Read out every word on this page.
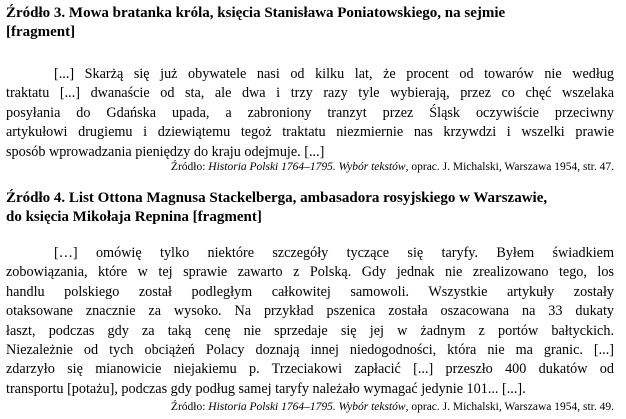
Źródło 3. Mowa bratanka króla, księcia Stanisława Poniatowskiego, na sejmie
[fragment]
[...] Skarżą się już obywatele nasi od kilku lat, że procent od towarów nie według
traktatu [...] dwanaście od sta, ale dwa i trzy razy tyle wybierają, przez co chęć wszelaka
posyłania do Gdańska upada, a zabroniony tranzyt przez Śląsk oczywiście przeciwny
artykułowi drugiemu i dziewiątemu tegoż traktatu niezmiernie nas krzywdzi i wszelki prawie
sposób wprowadzania pieniędzy do kraju odejmuje. [...]
Źródło: Historia Polski 1764–1795. Wybór tekstów, oprac. J. Michalski, Warszawa 1954, str. 47.
Źródło 4. List Ottona Magnusa Stackelberga, ambasadora rosyjskiego w Warszawie,
do księcia Mikołaja Repnina [fragment]
[…] omówię tylko niektóre szczegóły tyczące się taryfy. Byłem świadkiem
zobowiązania, które w tej sprawie zawarto z Polską. Gdy jednak nie zrealizowano tego, los
handlu polskiego został podległym całkowitej samowoli. Wszystkie artykuły zostały
otaksowane znacznie za wysoko. Na przykład pszenica została oszacowana na 33 dukaty
łaszt, podczas gdy za taką cenę nie sprzedaje się jej w żadnym z portów bałtyckich.
Niezależnie od tych obciążeń Polacy doznają innej niedogodności, która nie ma granic. [...]
zdarzyło się mianowicie niejakiemu p. Trzeciakowi zapłacić [...] przeszło 400 dukatów od
transportu [potażu], podczas gdy podług samej taryfy należało wymagać jedynie 101... [...].
Źródło: Historia Polski 1764–1795. Wybór tekstów, oprac. J. Michalski, Warszawa 1954, str. 49.
